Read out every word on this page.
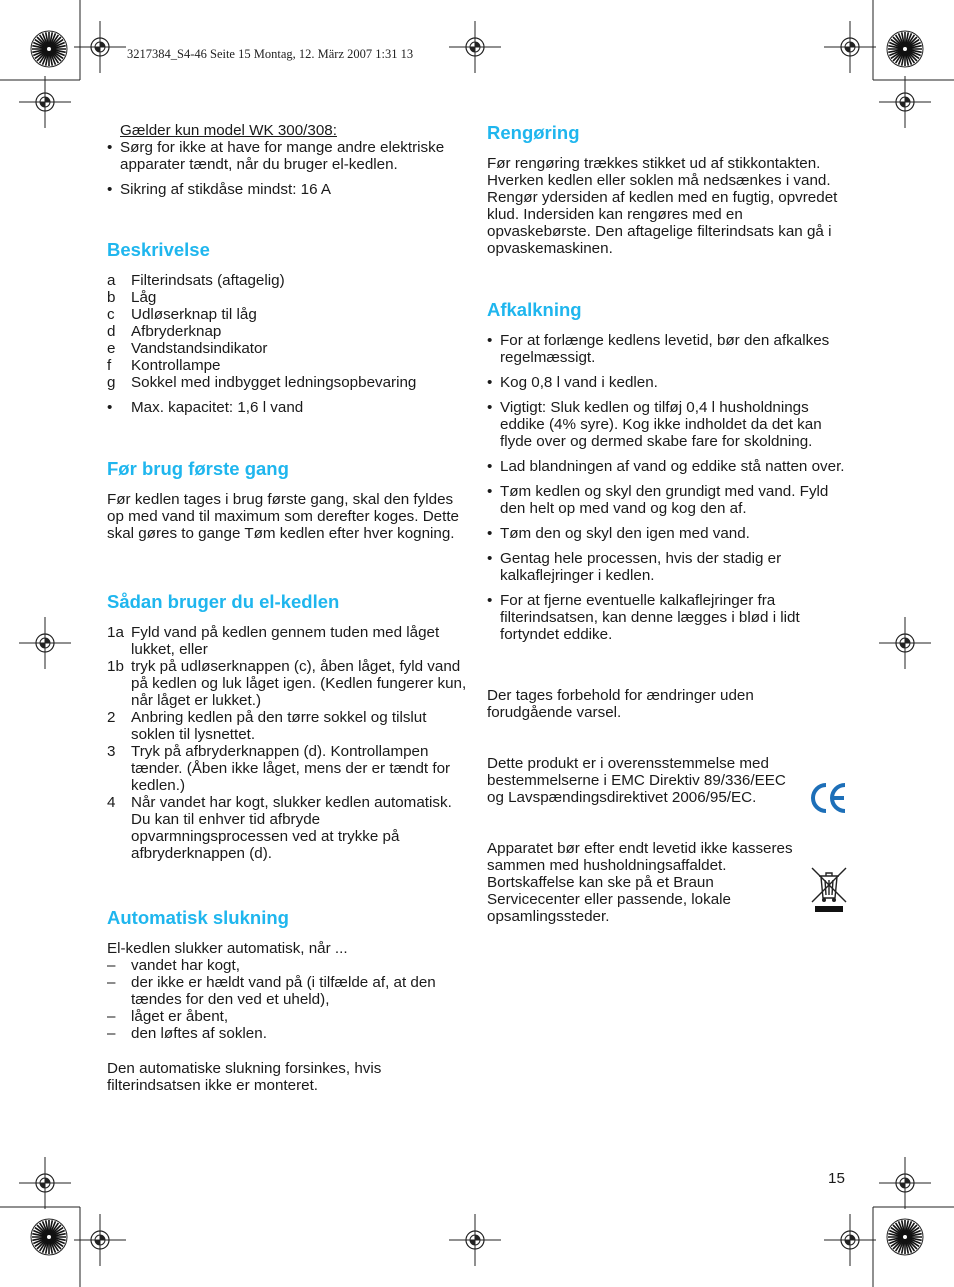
3217384_S4-46 Seite 15 Montag, 12. März 2007 1:31 13

Gælder kun model WK 300/308:

• Sørg for ikke at have for mange andre elektriske apparater tændt, når du bruger el-kedlen.
• Sikring af stikdåse mindst: 16 A
Beskrivelse
a Filterindsats (aftagelig)
b Låg
c Udløserknap til låg
d Afbryderknap
e Vandstandsindikator
f Kontrollampe
g Sokkel med indbygget ledningsopbevaring
• Max. kapacitet: 1,6 l vand
Før brug første gang

Før kedlen tages i brug første gang, skal den fyldes op med vand til maximum som derefter koges. Dette skal gøres to gange Tøm kedlen efter hver kogning.

Sådan bruger du el-kedlen
1a Fyld vand på kedlen gennem tuden med låget lukket, eller
1b tryk på udløserknappen (c), åben låget, fyld vand på kedlen og luk låget igen. (Kedlen fungerer kun, når låget er lukket.)
2 Anbring kedlen på den tørre sokkel og tilslut soklen til lysnettet.
3 Tryk på afbryderknappen (d). Kontrollampen tænder. (Åben ikke låget, mens der er tændt for kedlen.)
4 Når vandet har kogt, slukker kedlen automatisk.
Du kan til enhver tid afbryde opvarmningsprocessen ved at trykke på afbryderknappen (d).
Automatisk slukning

El-kedlen slukker automatisk, når ...

– vandet har kogt,
– der ikke er hældt vand på (i tilfælde af, at den tændes for den ved et uheld),
– låget er åbent,
– den løftes af soklen.

Den automatiske slukning forsinkes, hvis filterindsatsen ikke er monteret.

Rengøring

Før rengøring trækkes stikket ud af stikkontakten. Hverken kedlen eller soklen må nedsænkes i vand. Rengør ydersiden af kedlen med en fugtig, opvredet klud. Indersiden kan rengøres med en opvaskebørste. Den aftagelige filterindsats kan gå i opvaskemaskinen.

Afkalkning
• For at forlænge kedlens levetid, bør den afkalkes regelmæssigt.
• Kog 0,8 l vand i kedlen.
• Vigtigt: Sluk kedlen og tilføj 0,4 l husholdnings eddike (4% syre). Kog ikke indholdet da det kan flyde over og dermed skabe fare for skoldning.
• Lad blandningen af vand og eddike stå natten over.
• Tøm kedlen og skyl den grundigt med vand. Fyld den helt op med vand og kog den af.
• Tøm den og skyl den igen med vand.
• Gentag hele processen, hvis der stadig er kalkaflejringer i kedlen.
• For at fjerne eventuelle kalkaflejringer fra filterindsatsen, kan denne lægges i blød i lidt fortyndet eddike.

Der tages forbehold for ændringer uden forudgående varsel.

Dette produkt er i overensstemmelse med bestemmelserne i EMC Direktiv 89/336/EEC og Lavspændingsdirektivet 2006/95/EC.

Apparatet bør efter endt levetid ikke kasseres sammen med husholdningsaffaldet. Bortskaffelse kan ske på et Braun Servicecenter eller passende, lokale opsamlingssteder.

15
